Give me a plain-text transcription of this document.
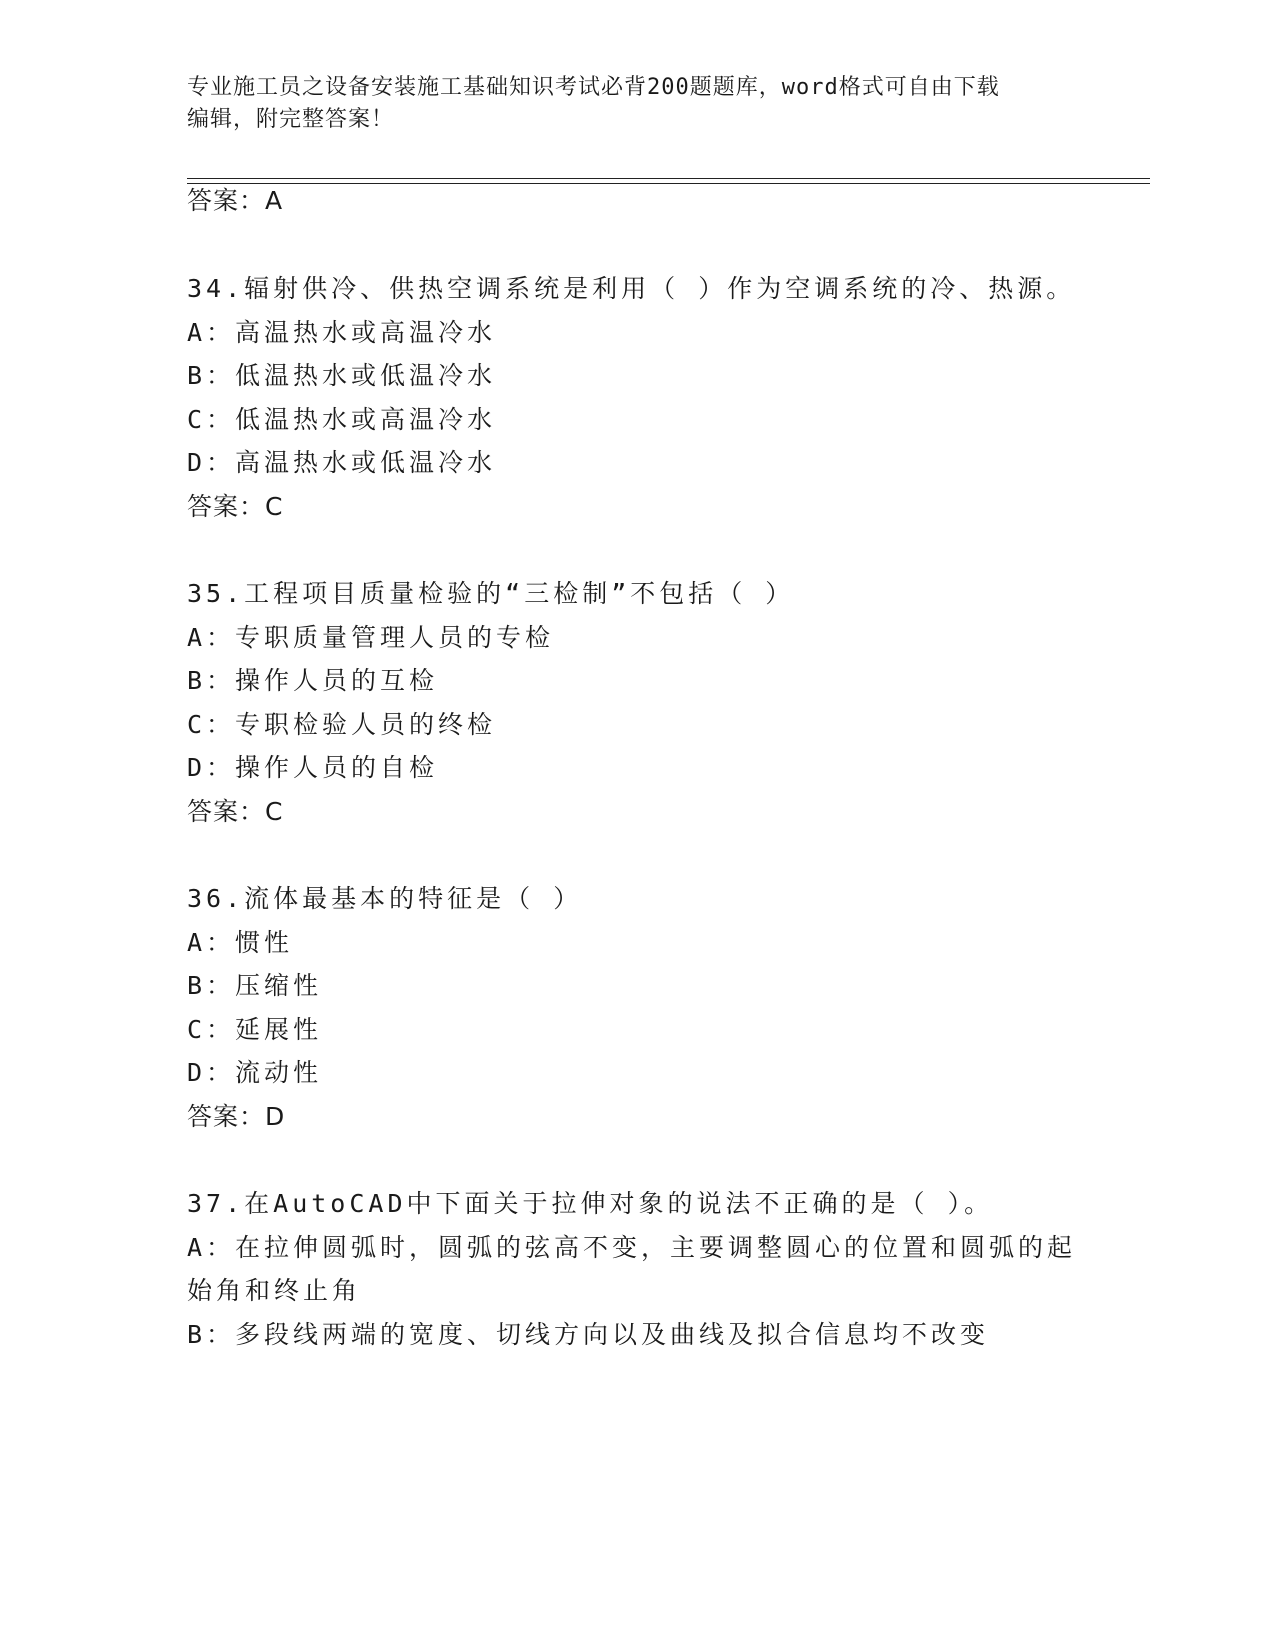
专业施工员之设备安装施工基础知识考试必背200题题库，word格式可自由下载
编辑，附完整答案！
答案：A
34.辐射供冷、供热空调系统是利用（ ）作为空调系统的冷、热源。
A：高温热水或高温冷水
B：低温热水或低温冷水
C：低温热水或高温冷水
D：高温热水或低温冷水
答案：C
35.工程项目质量检验的“三检制”不包括（ ）
A：专职质量管理人员的专检
B：操作人员的互检
C：专职检验人员的终检
D：操作人员的自检
答案：C
36.流体最基本的特征是（ ）
A：惯性
B：压缩性
C：延展性
D：流动性
答案：D
37.在AutoCAD中下面关于拉伸对象的说法不正确的是（ ）。
A：在拉伸圆弧时，圆弧的弦高不变，主要调整圆心的位置和圆弧的起
始角和终止角
B：多段线两端的宽度、切线方向以及曲线及拟合信息均不改变
